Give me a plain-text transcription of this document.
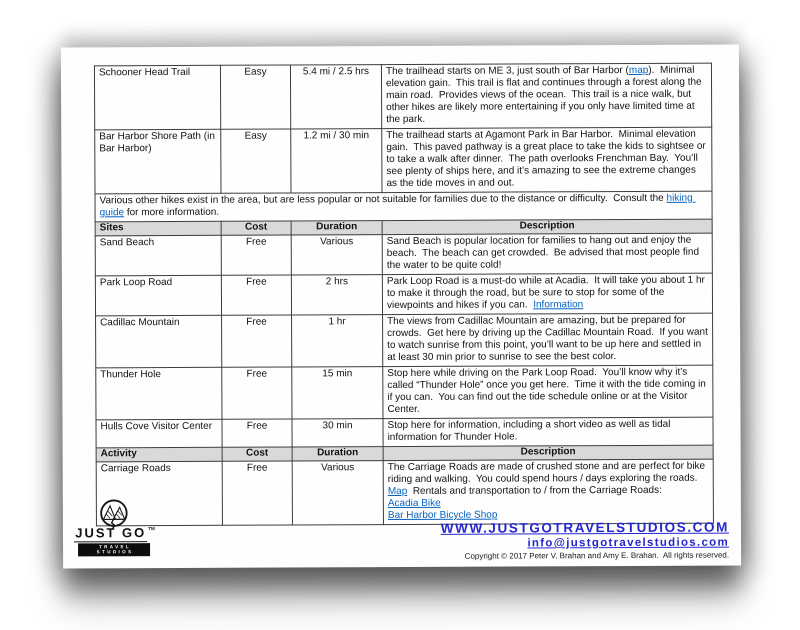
Schooner Head Trail	Easy	5.4 mi / 2.5 hrs	The trailhead starts on ME 3, just south of Bar Harbor (map).  Minimal elevation gain.  This trail is flat and continues through a forest along the main road.  Provides views of the ocean.  This trail is a nice walk, but other hikes are likely more entertaining if you only have limited time at the park.
Bar Harbor Shore Path (in Bar Harbor)	Easy	1.2 mi / 30 min	The trailhead starts at Agamont Park in Bar Harbor.  Minimal elevation gain.  This paved pathway is a great place to take the kids to sightsee or to take a walk after dinner.  The path overlooks Frenchman Bay.  You’ll see plenty of ships here, and it’s amazing to see the extreme changes as the tide moves in and out.
Various other hikes exist in the area, but are less popular or not suitable for families due to the distance or difficulty.  Consult the hiking guide for more information.			
Sites	Cost	Duration	Description
Sand Beach	Free	Various	Sand Beach is popular location for families to hang out and enjoy the beach.  The beach can get crowded.  Be advised that most people find the water to be quite cold!
Park Loop Road	Free	2 hrs	Park Loop Road is a must-do while at Acadia.  It will take you about 1 hr to make it through the road, but be sure to stop for some of the viewpoints and hikes if you can.  Information
Cadillac Mountain	Free	1 hr	The views from Cadillac Mountain are amazing, but be prepared for crowds.  Get here by driving up the Cadillac Mountain Road.  If you want to watch sunrise from this point, you’ll want to be up here and settled in at least 30 min prior to sunrise to see the best color.
Thunder Hole	Free	15 min	Stop here while driving on the Park Loop Road.  You’ll know why it’s called “Thunder Hole” once you get here.  Time it with the tide coming in if you can.  You can find out the tide schedule online or at the Visitor Center.
Hulls Cove Visitor Center	Free	30 min	Stop here for information, including a short video as well as tidal information for Thunder Hole.
Activity	Cost	Duration	Description
Carriage Roads	Free	Various	The Carriage Roads are made of crushed stone and are perfect for bike riding and walking.  You could spend hours / days exploring the roads. Map  Rentals and transportation to / from the Carriage Roads:
Acadia Bike
Bar Harbor Bicycle Shop
JUST GO ™
TRAVEL STUDIOS
WWW.JUSTGOTRAVELSTUDIOS.COM
info@justgotravelstudios.com
Copyright © 2017 Peter V. Brahan and Amy E. Brahan.  All rights reserved.
